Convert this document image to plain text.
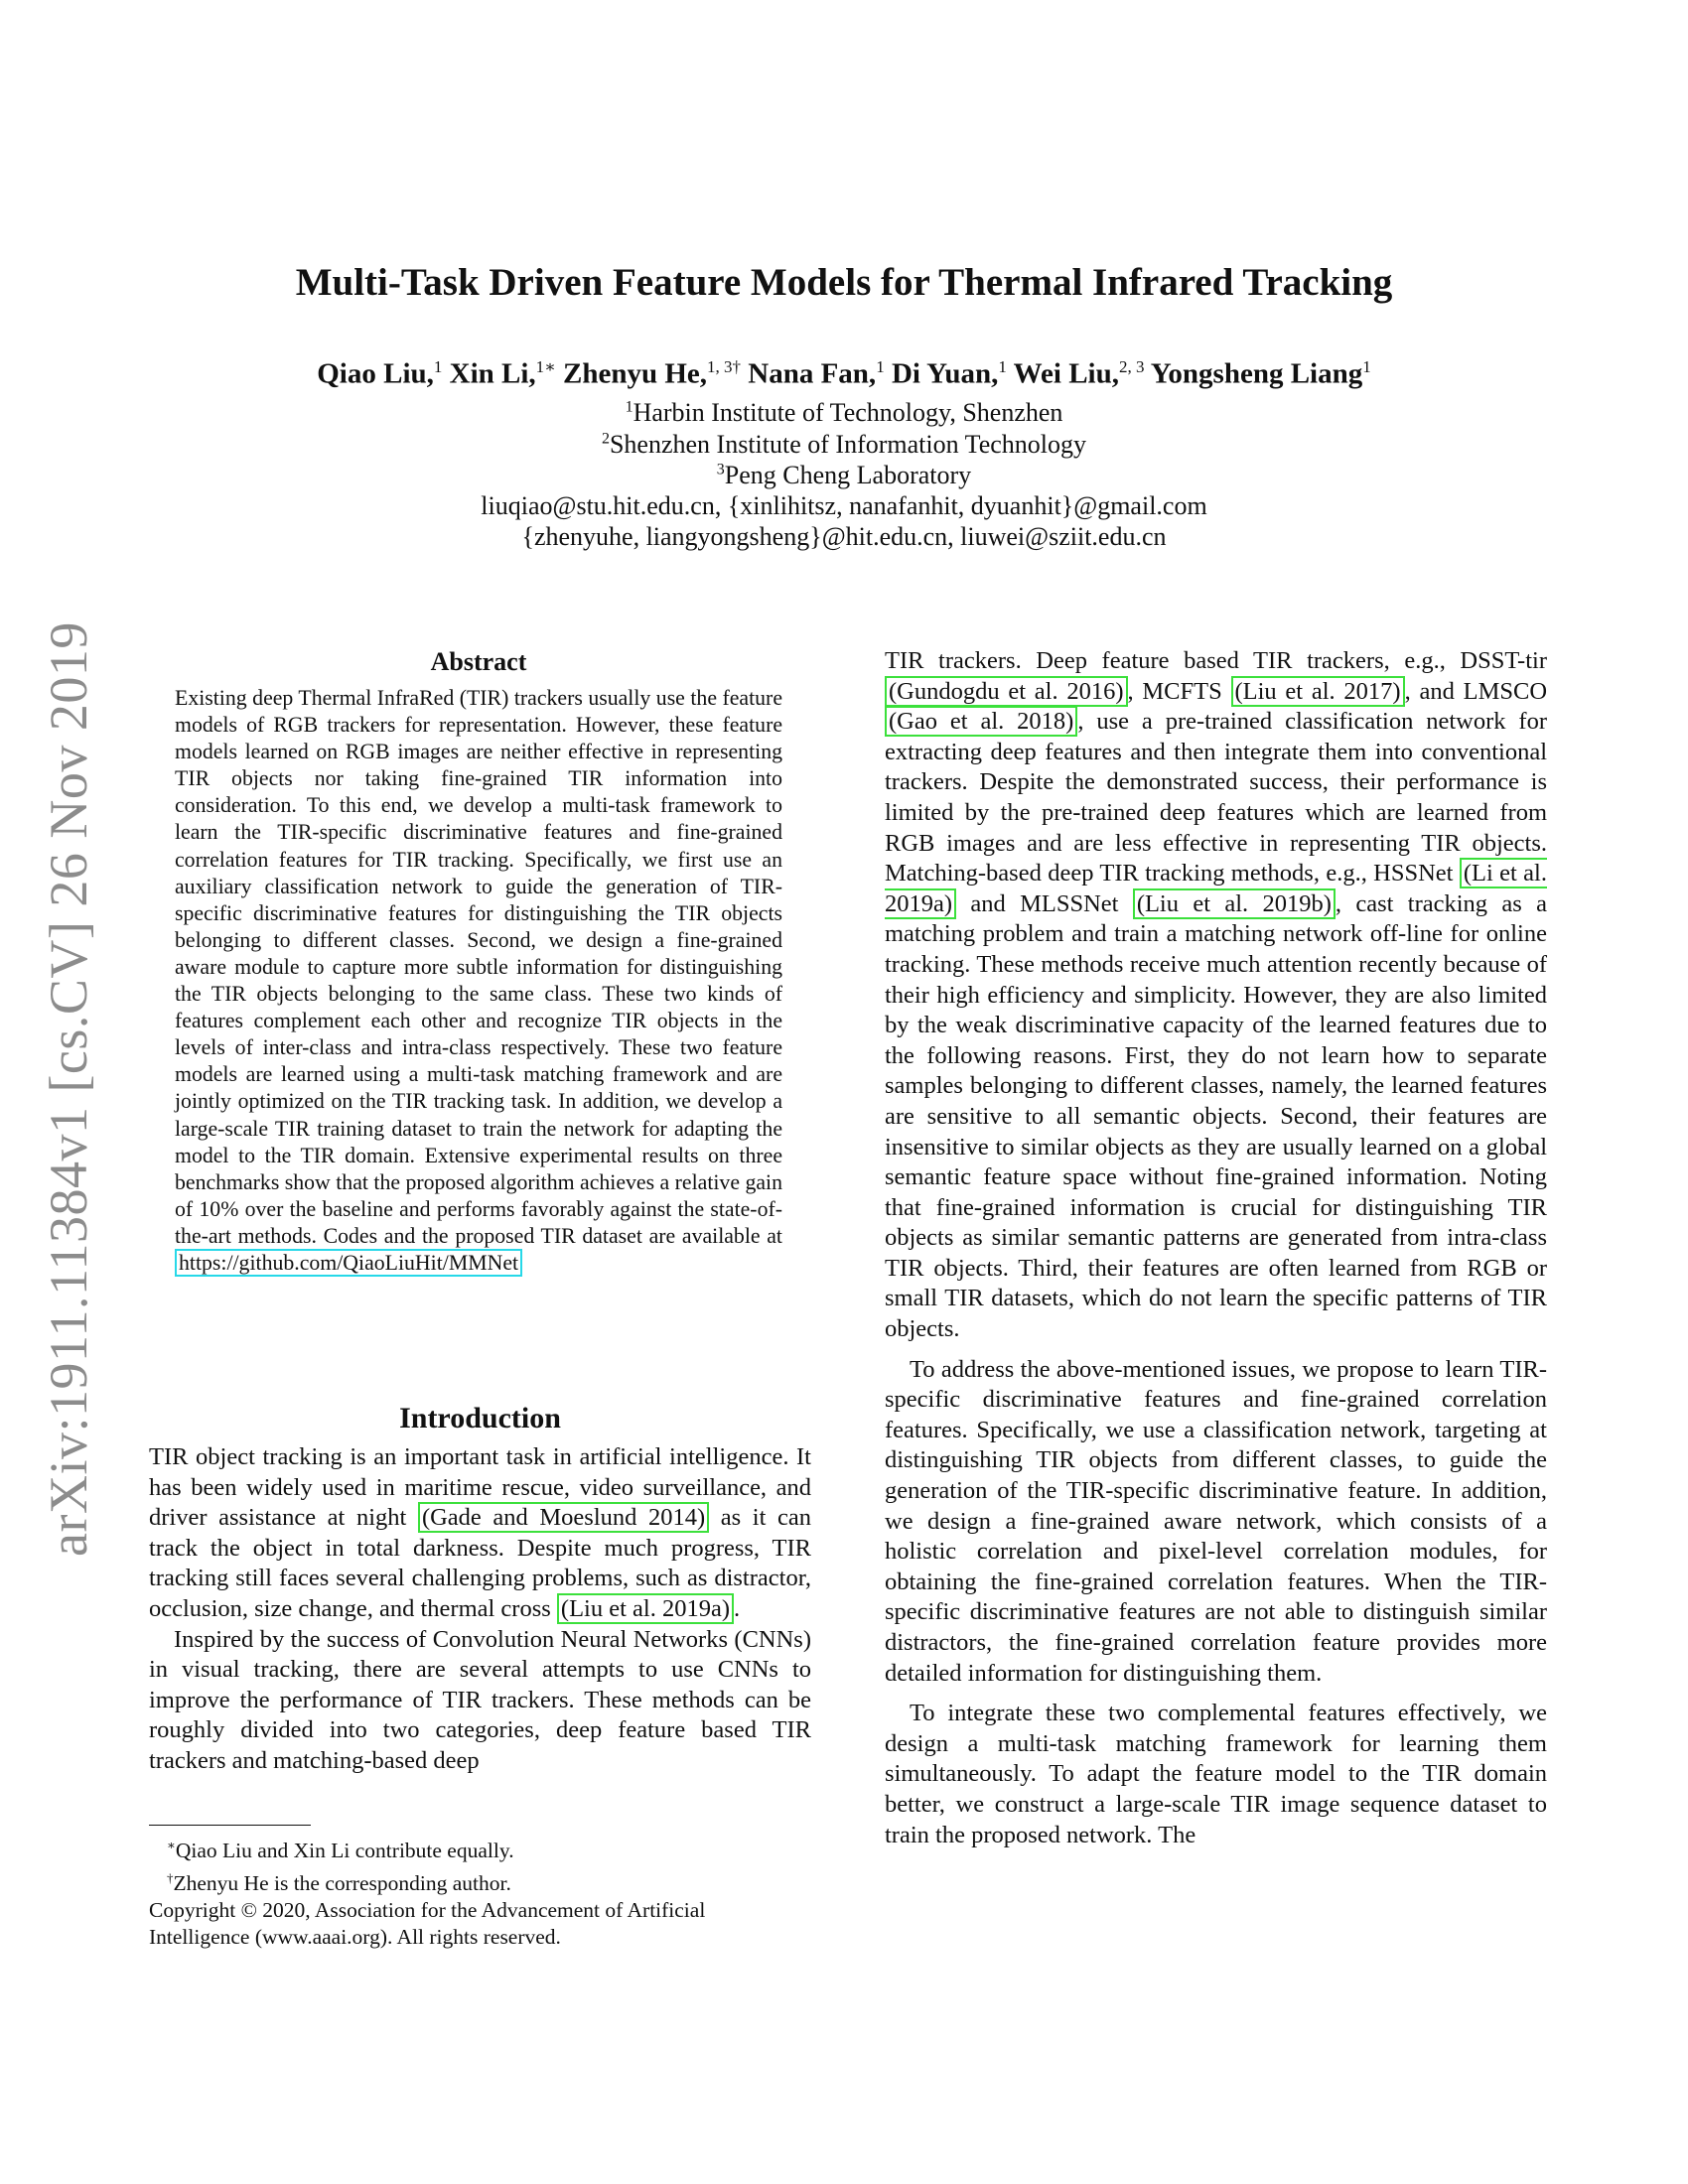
arXiv:1911.11384v1 [cs.CV] 26 Nov 2019
Multi-Task Driven Feature Models for Thermal Infrared Tracking
Qiao Liu,$^1$ Xin Li,$^{1∗}$ Zhenyu He,$^{1, 3\dagger}$ Nana Fan,$^1$ Di Yuan,$^1$ Wei Liu,$^{2, 3}$ Yongsheng Liang$^1$
$^1$Harbin Institute of Technology, Shenzhen
$^2$Shenzhen Institute of Information Technology
$^3$Peng Cheng Laboratory
liuqiao@stu.hit.edu.cn, {xinlihitsz, nanafanhit, dyuanhit}@gmail.com
{zhenyuhe, liangyongsheng}@hit.edu.cn, liuwei@sziit.edu.cn
Abstract
Existing deep Thermal InfraRed (TIR) trackers usually use the feature models of RGB trackers for representation. However, these feature models learned on RGB images are neither effective in representing TIR objects nor taking fine-grained TIR information into consideration. To this end, we develop a multi-task framework to learn the TIR-specific discriminative features and fine-grained correlation features for TIR tracking. Specifically, we first use an auxiliary classification network to guide the generation of TIR-specific discriminative features for distinguishing the TIR objects belonging to different classes. Second, we design a fine-grained aware module to capture more subtle information for distinguishing the TIR objects belonging to the same class. These two kinds of features complement each other and recognize TIR objects in the levels of inter-class and intra-class respectively. These two feature models are learned using a multi-task matching framework and are jointly optimized on the TIR tracking task. In addition, we develop a large-scale TIR training dataset to train the network for adapting the model to the TIR domain. Extensive experimental results on three benchmarks show that the proposed algorithm achieves a relative gain of 10% over the baseline and performs favorably against the state-of-the-art methods. Codes and the proposed TIR dataset are available at https://github.com/QiaoLiuHit/MMNet
Introduction

TIR object tracking is an important task in artificial intelligence. It has been widely used in maritime rescue, video surveillance, and driver assistance at night (Gade and Moeslund 2014) as it can track the object in total darkness. Despite much progress, TIR tracking still faces several challenging problems, such as distractor, occlusion, size change, and thermal cross (Liu et al. 2019a) .

Inspired by the success of Convolution Neural Networks (CNNs) in visual tracking, there are several attempts to use CNNs to improve the performance of TIR trackers. These methods can be roughly divided into two categories, deep feature based TIR trackers and matching-based deep

TIR trackers. Deep feature based TIR trackers, e.g., DSST-tir (Gundogdu et al. 2016) , MCFTS (Liu et al. 2017) , and LMSCO (Gao et al. 2018) , use a pre-trained classification network for extracting deep features and then integrate them into conventional trackers. Despite the demonstrated success, their performance is limited by the pre-trained deep features which are learned from RGB images and are less effective in representing TIR objects. Matching-based deep TIR tracking methods, e.g., HSSNet (Li et al. 2019a) and MLSSNet (Liu et al. 2019b) , cast tracking as a matching problem and train a matching network off-line for online tracking. These methods receive much attention recently because of their high efficiency and simplicity. However, they are also limited by the weak discriminative capacity of the learned features due to the following reasons. First, they do not learn how to separate samples belonging to different classes, namely, the learned features are sensitive to all semantic objects. Second, their features are insensitive to similar objects as they are usually learned on a global semantic feature space without fine-grained information. Noting that fine-grained information is crucial for distinguishing TIR objects as similar semantic patterns are generated from intra-class TIR objects. Third, their features are often learned from RGB or small TIR datasets, which do not learn the specific patterns of TIR objects.

To address the above-mentioned issues, we propose to learn TIR-specific discriminative features and fine-grained correlation features. Specifically, we use a classification network, targeting at distinguishing TIR objects from different classes, to guide the generation of the TIR-specific discriminative feature. In addition, we design a fine-grained aware network, which consists of a holistic correlation and pixel-level correlation modules, for obtaining the fine-grained correlation features. When the TIR-specific discriminative features are not able to distinguish similar distractors, the fine-grained correlation feature provides more detailed information for distinguishing them.

To integrate these two complemental features effectively, we design a multi-task matching framework for learning them simultaneously. To adapt the feature model to the TIR domain better, we construct a large-scale TIR image sequence dataset to train the proposed network. The

∗Qiao Liu and Xin Li contribute equally.
†Zhenyu He is the corresponding author.
Copyright © 2020, Association for the Advancement of Artificial Intelligence (www.aaai.org). All rights reserved.
